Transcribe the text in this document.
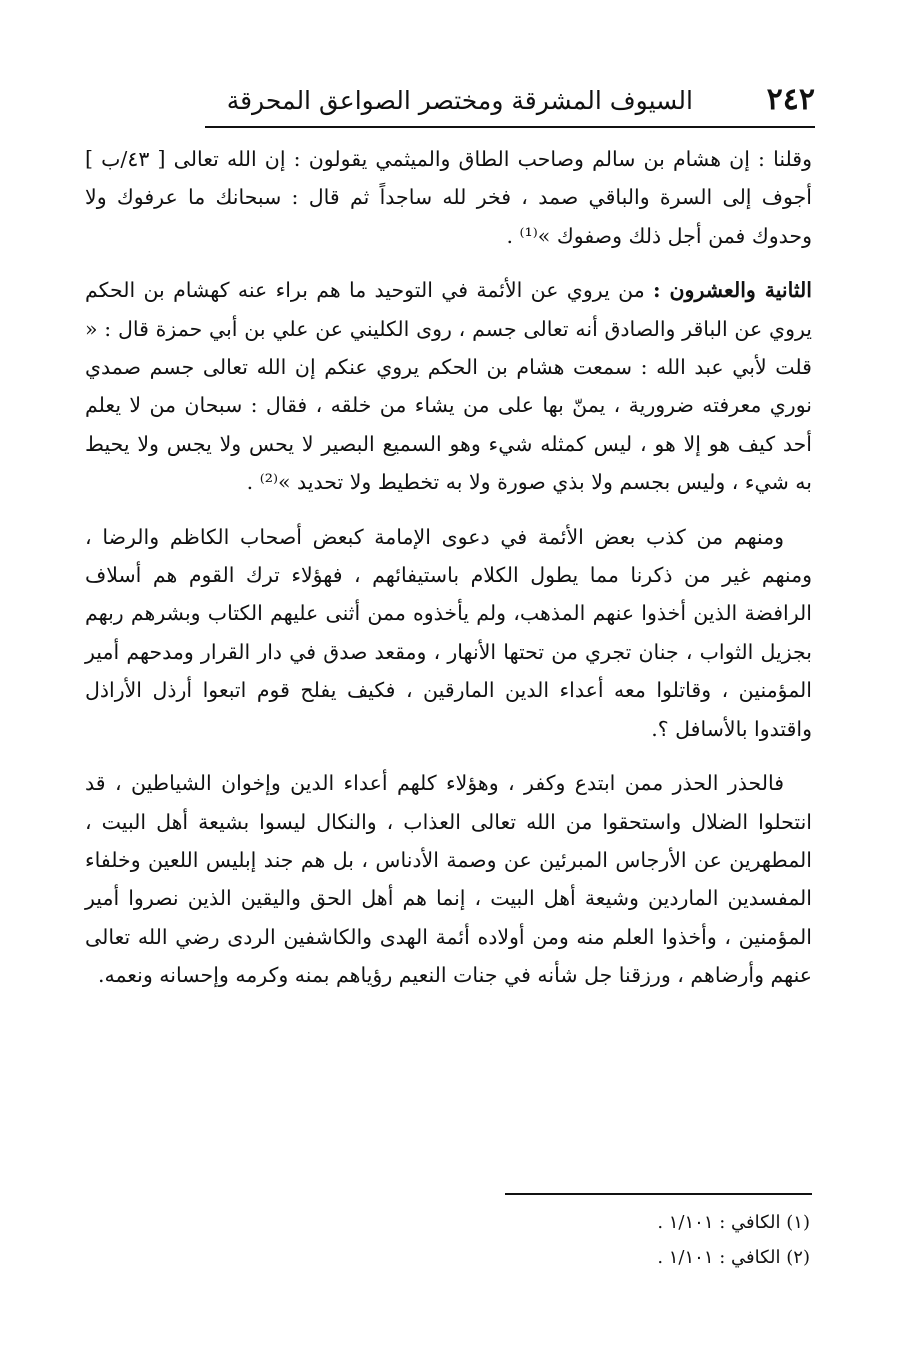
٢٤٢
السيوف المشرقة ومختصر الصواعق المحرقة

وقلنا : إن هشام بن سالم وصاحب الطاق والميثمي يقولون : إن الله تعالى [ ٤٣/ب ] أجوف إلى السرة والباقي صمد ، فخر لله ساجداً ثم قال : سبحانك ما عرفوك ولا وحدوك فمن أجل ذلك وصفوك »⁽¹⁾ .

الثانية والعشرون : من يروي عن الأئمة في التوحيد ما هم براء عنه كهشام بن الحكم يروي عن الباقر والصادق أنه تعالى جسم ، روى الكليني عن علي بن أبي حمزة قال : « قلت لأبي عبد الله : سمعت هشام بن الحكم يروي عنكم إن الله تعالى جسم صمدي نوري معرفته ضرورية ، يمنّ بها على من يشاء من خلقه ، فقال : سبحان من لا يعلم أحد كيف هو إلا هو ، ليس كمثله شيء وهو السميع البصير لا يحس ولا يجس ولا يحيط به شيء ، وليس بجسم ولا بذي صورة ولا به تخطيط ولا تحديد »⁽²⁾ .

ومنهم من كذب بعض الأئمة في دعوى الإمامة كبعض أصحاب الكاظم والرضا ، ومنهم غير من ذكرنا مما يطول الكلام باستيفائهم ، فهؤلاء ترك القوم هم أسلاف الرافضة الذين أخذوا عنهم المذهب، ولم يأخذوه ممن أثنى عليهم الكتاب وبشرهم ربهم بجزيل الثواب ، جنان تجري من تحتها الأنهار ، ومقعد صدق في دار القرار ومدحهم أمير المؤمنين ، وقاتلوا معه أعداء الدين المارقين ، فكيف يفلح قوم اتبعوا أرذل الأراذل واقتدوا بالأسافل ؟.

فالحذر الحذر ممن ابتدع وكفر ، وهؤلاء كلهم أعداء الدين وإخوان الشياطين ، قد انتحلوا الضلال واستحقوا من الله تعالى العذاب ، والنكال ليسوا بشيعة أهل البيت ، المطهرين عن الأرجاس المبرئين عن وصمة الأدناس ، بل هم جند إبليس اللعين وخلفاء المفسدين الماردين وشيعة أهل البيت ، إنما هم أهل الحق واليقين الذين نصروا أمير المؤمنين ، وأخذوا العلم منه ومن أولاده أئمة الهدى والكاشفين الردى رضي الله تعالى عنهم وأرضاهم ، ورزقنا جل شأنه في جنات النعيم رؤياهم بمنه وكرمه وإحسانه ونعمه.

(١) الكافي : ١/١٠١ .

(٢) الكافي : ١/١٠١ .
